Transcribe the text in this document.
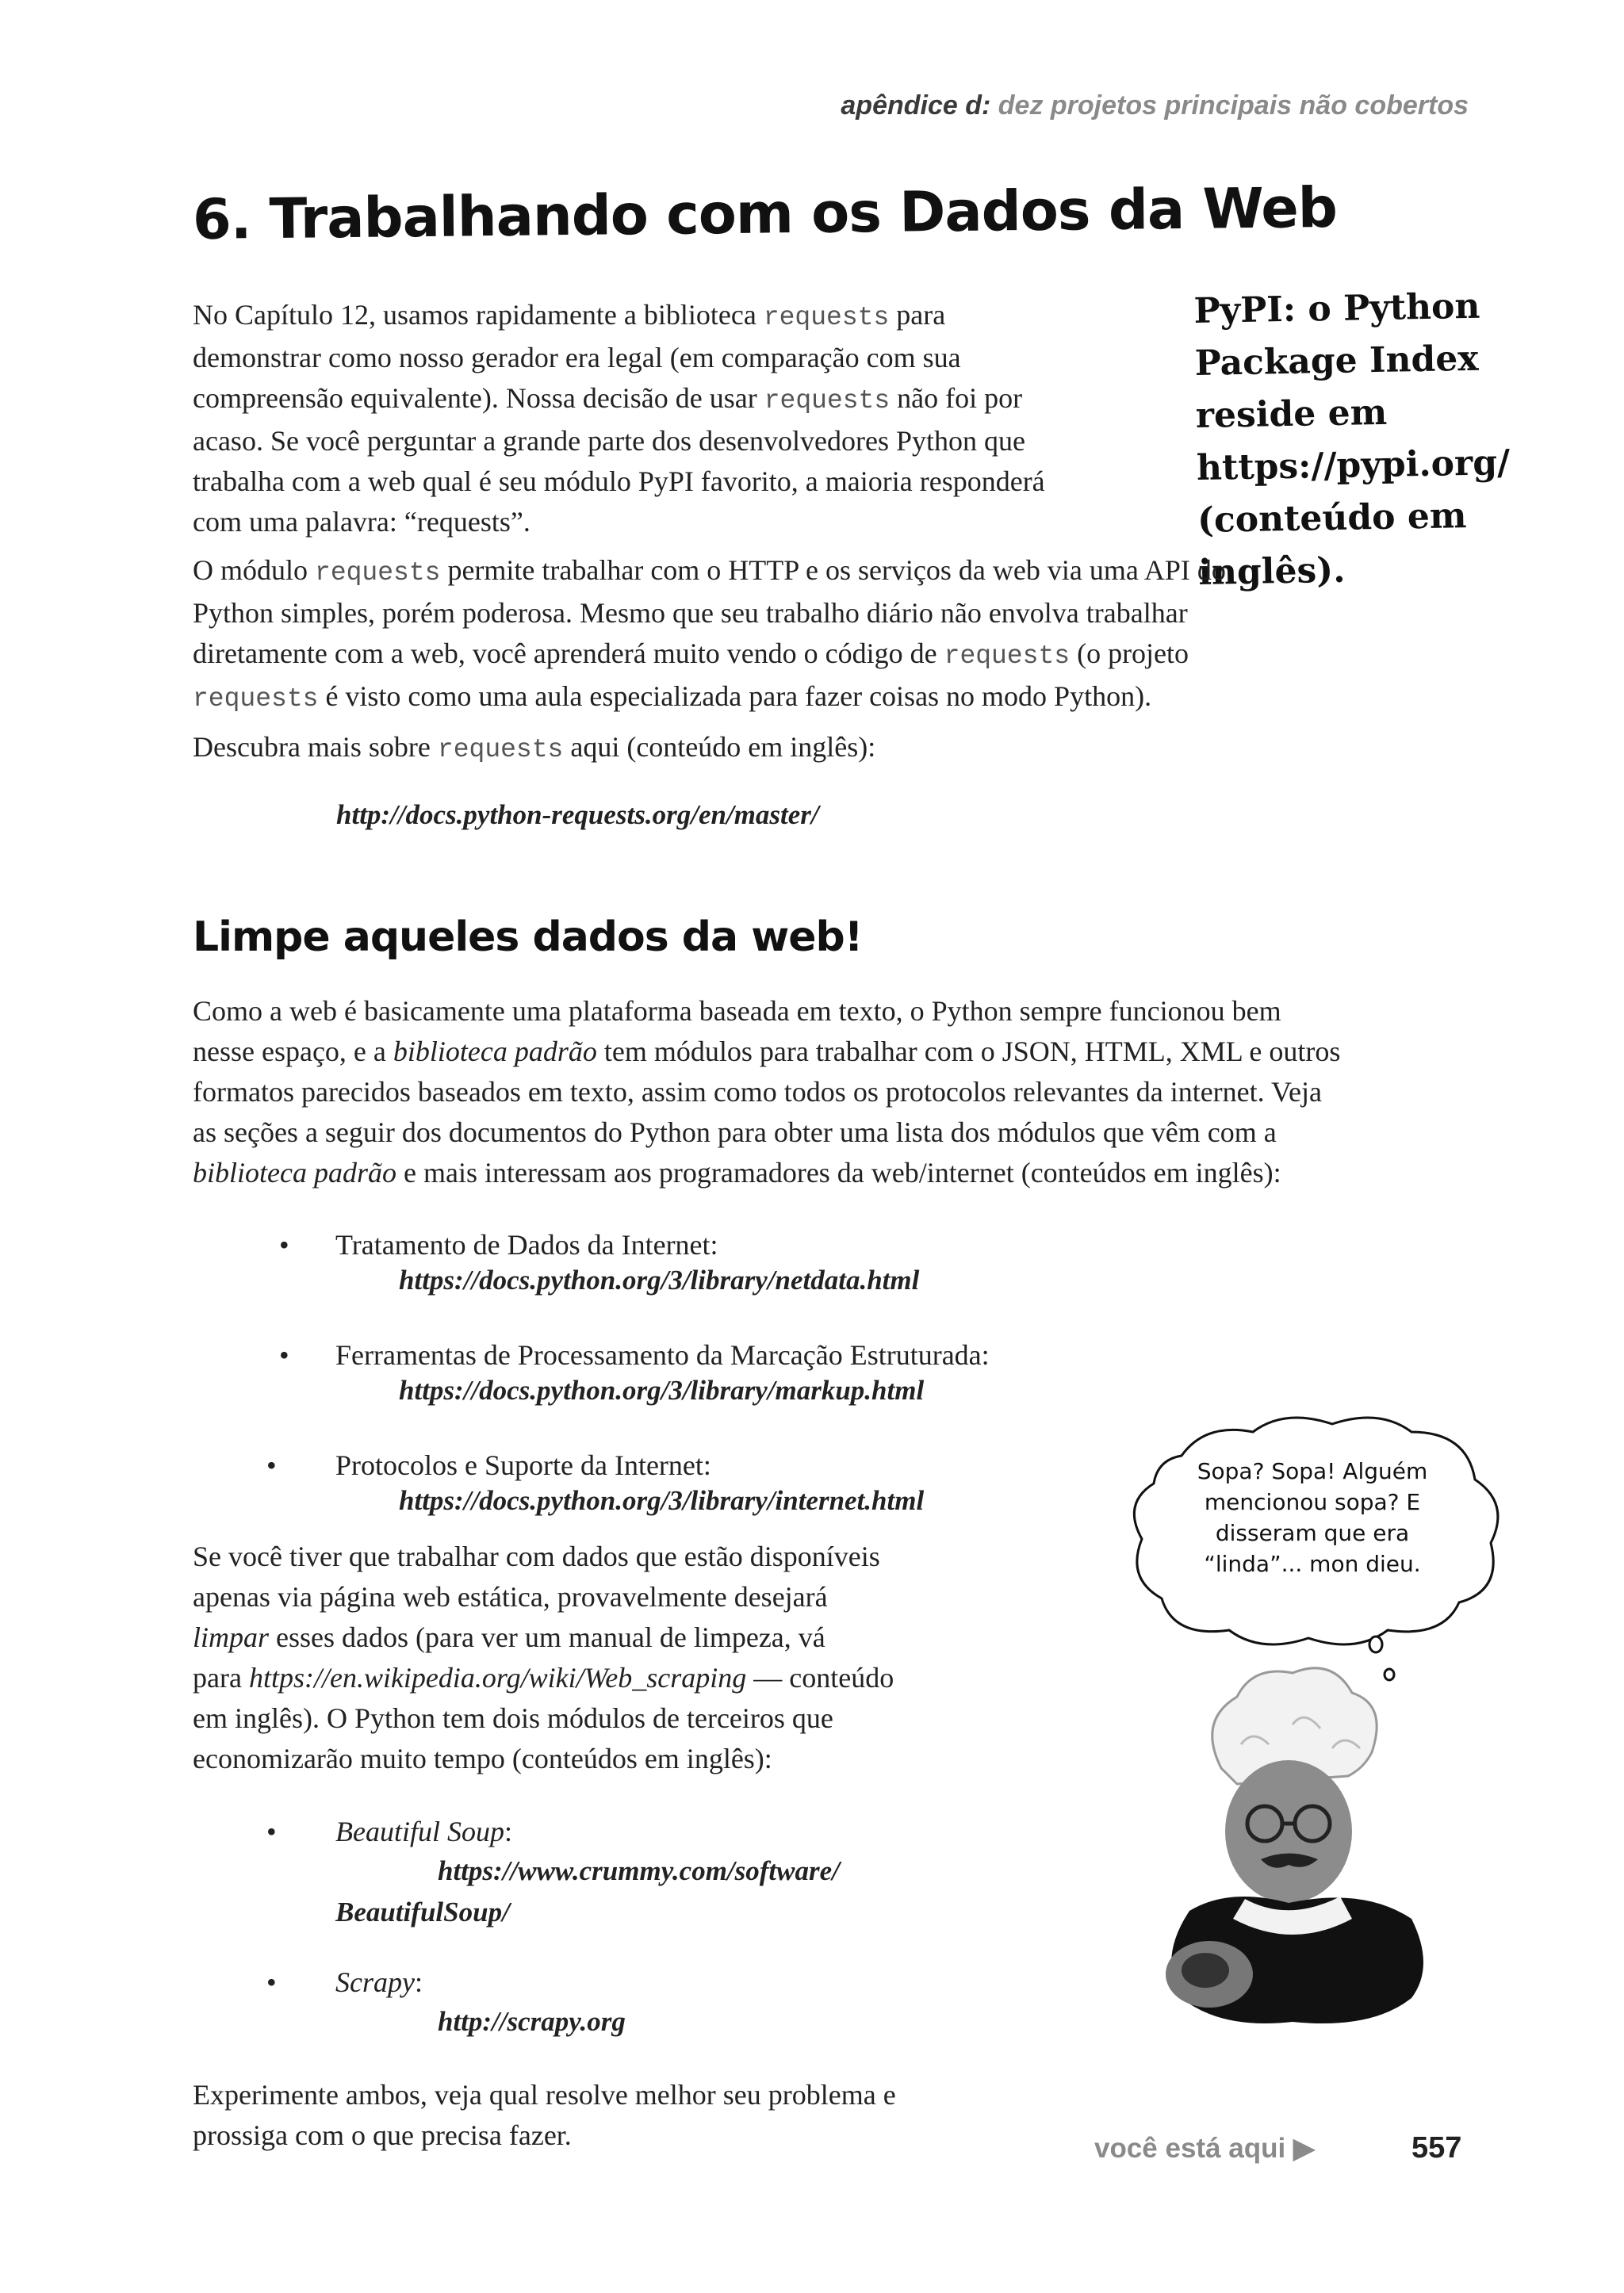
apêndice d: dez projetos principais não cobertos
6. Trabalhando com os Dados da Web
No Capítulo 12, usamos rapidamente a biblioteca requests para
demonstrar como nosso gerador era legal (em comparação com sua
compreensão equivalente). Nossa decisão de usar requests não foi por
acaso. Se você perguntar a grande parte dos desenvolvedores Python que
trabalha com a web qual é seu módulo PyPI favorito, a maioria responderá
com uma palavra: “requests”.
PyPI: o Python Package Index reside em https://pypi.org/ (conteúdo em inglês).
O módulo requests permite trabalhar com o HTTP e os serviços da web via uma API do
Python simples, porém poderosa. Mesmo que seu trabalho diário não envolva trabalhar
diretamente com a web, você aprenderá muito vendo o código de requests (o projeto
requests é visto como uma aula especializada para fazer coisas no modo Python).
Descubra mais sobre requests aqui (conteúdo em inglês):
http://docs.python-requests.org/en/master/
Limpe aqueles dados da web!
Como a web é basicamente uma plataforma baseada em texto, o Python sempre funcionou bem
nesse espaço, e a biblioteca padrão tem módulos para trabalhar com o JSON, HTML, XML e outros
formatos parecidos baseados em texto, assim como todos os protocolos relevantes da internet. Veja
as seções a seguir dos documentos do Python para obter uma lista dos módulos que vêm com a
biblioteca padrão e mais interessam aos programadores da web/internet (conteúdos em inglês):
• Tratamento de Dados da Internet:
https://docs.python.org/3/library/netdata.html
• Ferramentas de Processamento da Marcação Estruturada:
https://docs.python.org/3/library/markup.html
• Protocolos e Suporte da Internet:
https://docs.python.org/3/library/internet.html
Se você tiver que trabalhar com dados que estão disponíveis
apenas via página web estática, provavelmente desejará
limpar esses dados (para ver um manual de limpeza, vá
para https://en.wikipedia.org/wiki/Web_scraping — conteúdo
em inglês). O Python tem dois módulos de terceiros que
economizarão muito tempo (conteúdos em inglês):
• Beautiful Soup:
https://www.crummy.com/software/
BeautifulSoup/
• Scrapy:
http://scrapy.org
Experimente ambos, veja qual resolve melhor seu problema e
prossiga com o que precisa fazer.
Sopa? Sopa! Alguém
mencionou sopa? E
disseram que era
“linda”... mon dieu.
você está aqui ▶	557
